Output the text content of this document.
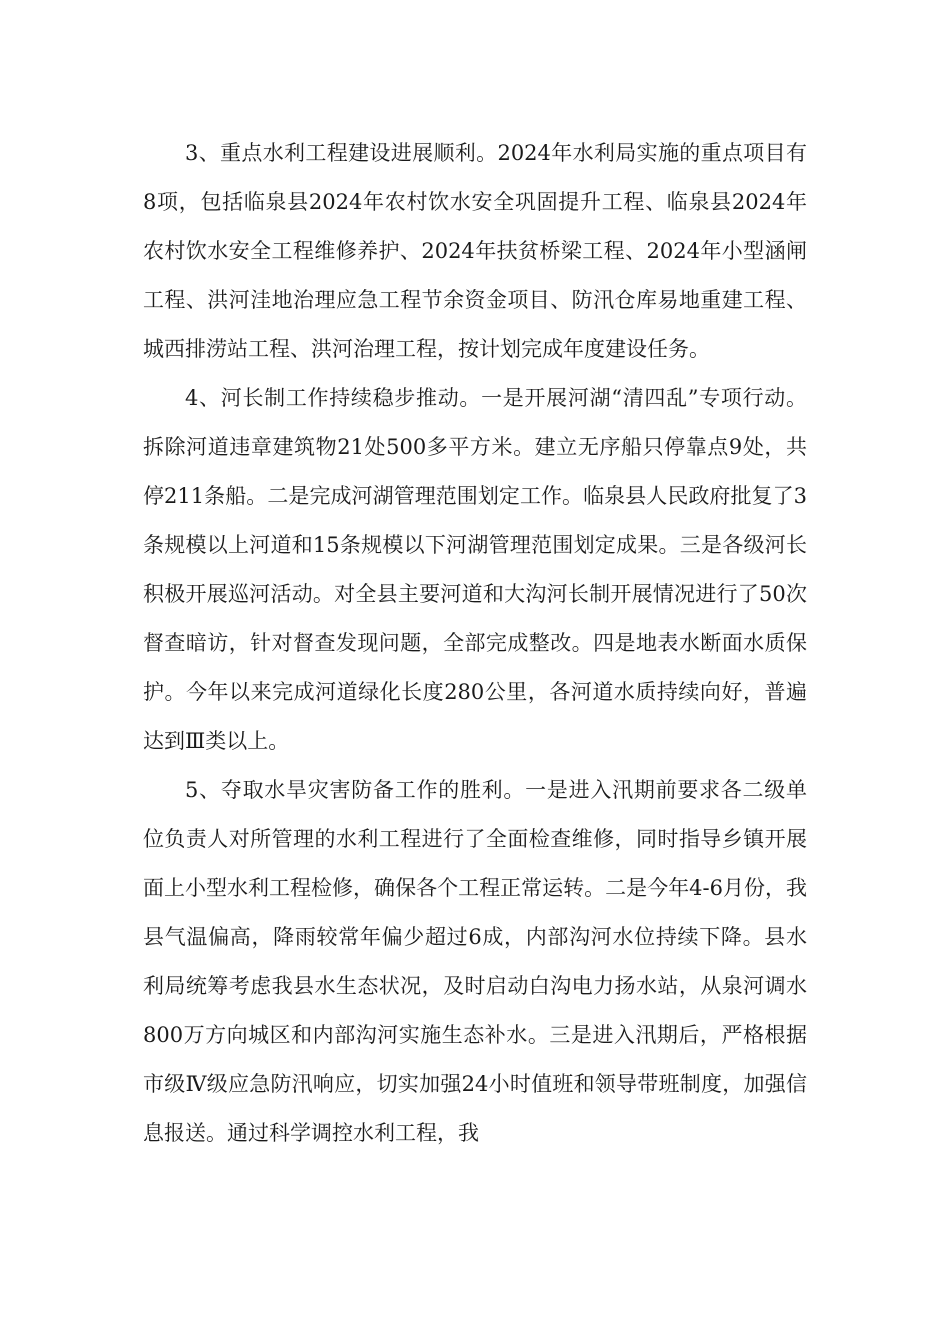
3、重点水利工程建设进展顺利。2024年水利局实施的重点项目有8项，包括临泉县2024年农村饮水安全巩固提升工程、临泉县2024年农村饮水安全工程维修养护、2024年扶贫桥梁工程、2024年小型涵闸工程、洪河洼地治理应急工程节余资金项目、防汛仓库易地重建工程、城西排涝站工程、洪河治理工程，按计划完成年度建设任务。

4、河长制工作持续稳步推动。一是开展河湖“清四乱”专项行动。拆除河道违章建筑物21处500多平方米。建立无序船只停靠点9处，共停211条船。二是完成河湖管理范围划定工作。临泉县人民政府批复了3条规模以上河道和15条规模以下河湖管理范围划定成果。三是各级河长积极开展巡河活动。对全县主要河道和大沟河长制开展情况进行了50次督查暗访，针对督查发现问题，全部完成整改。四是地表水断面水质保护。今年以来完成河道绿化长度280公里，各河道水质持续向好，普遍达到Ⅲ类以上。

5、夺取水旱灾害防备工作的胜利。一是进入汛期前要求各二级单位负责人对所管理的水利工程进行了全面检查维修，同时指导乡镇开展面上小型水利工程检修，确保各个工程正常运转。二是今年4-6月份，我县气温偏高，降雨较常年偏少超过6成，内部沟河水位持续下降。县水利局统筹考虑我县水生态状况，及时启动白沟电力扬水站，从泉河调水800万方向城区和内部沟河实施生态补水。三是进入汛期后，严格根据市级Ⅳ级应急防汛响应，切实加强24小时值班和领导带班制度，加强信息报送。通过科学调控水利工程，我
